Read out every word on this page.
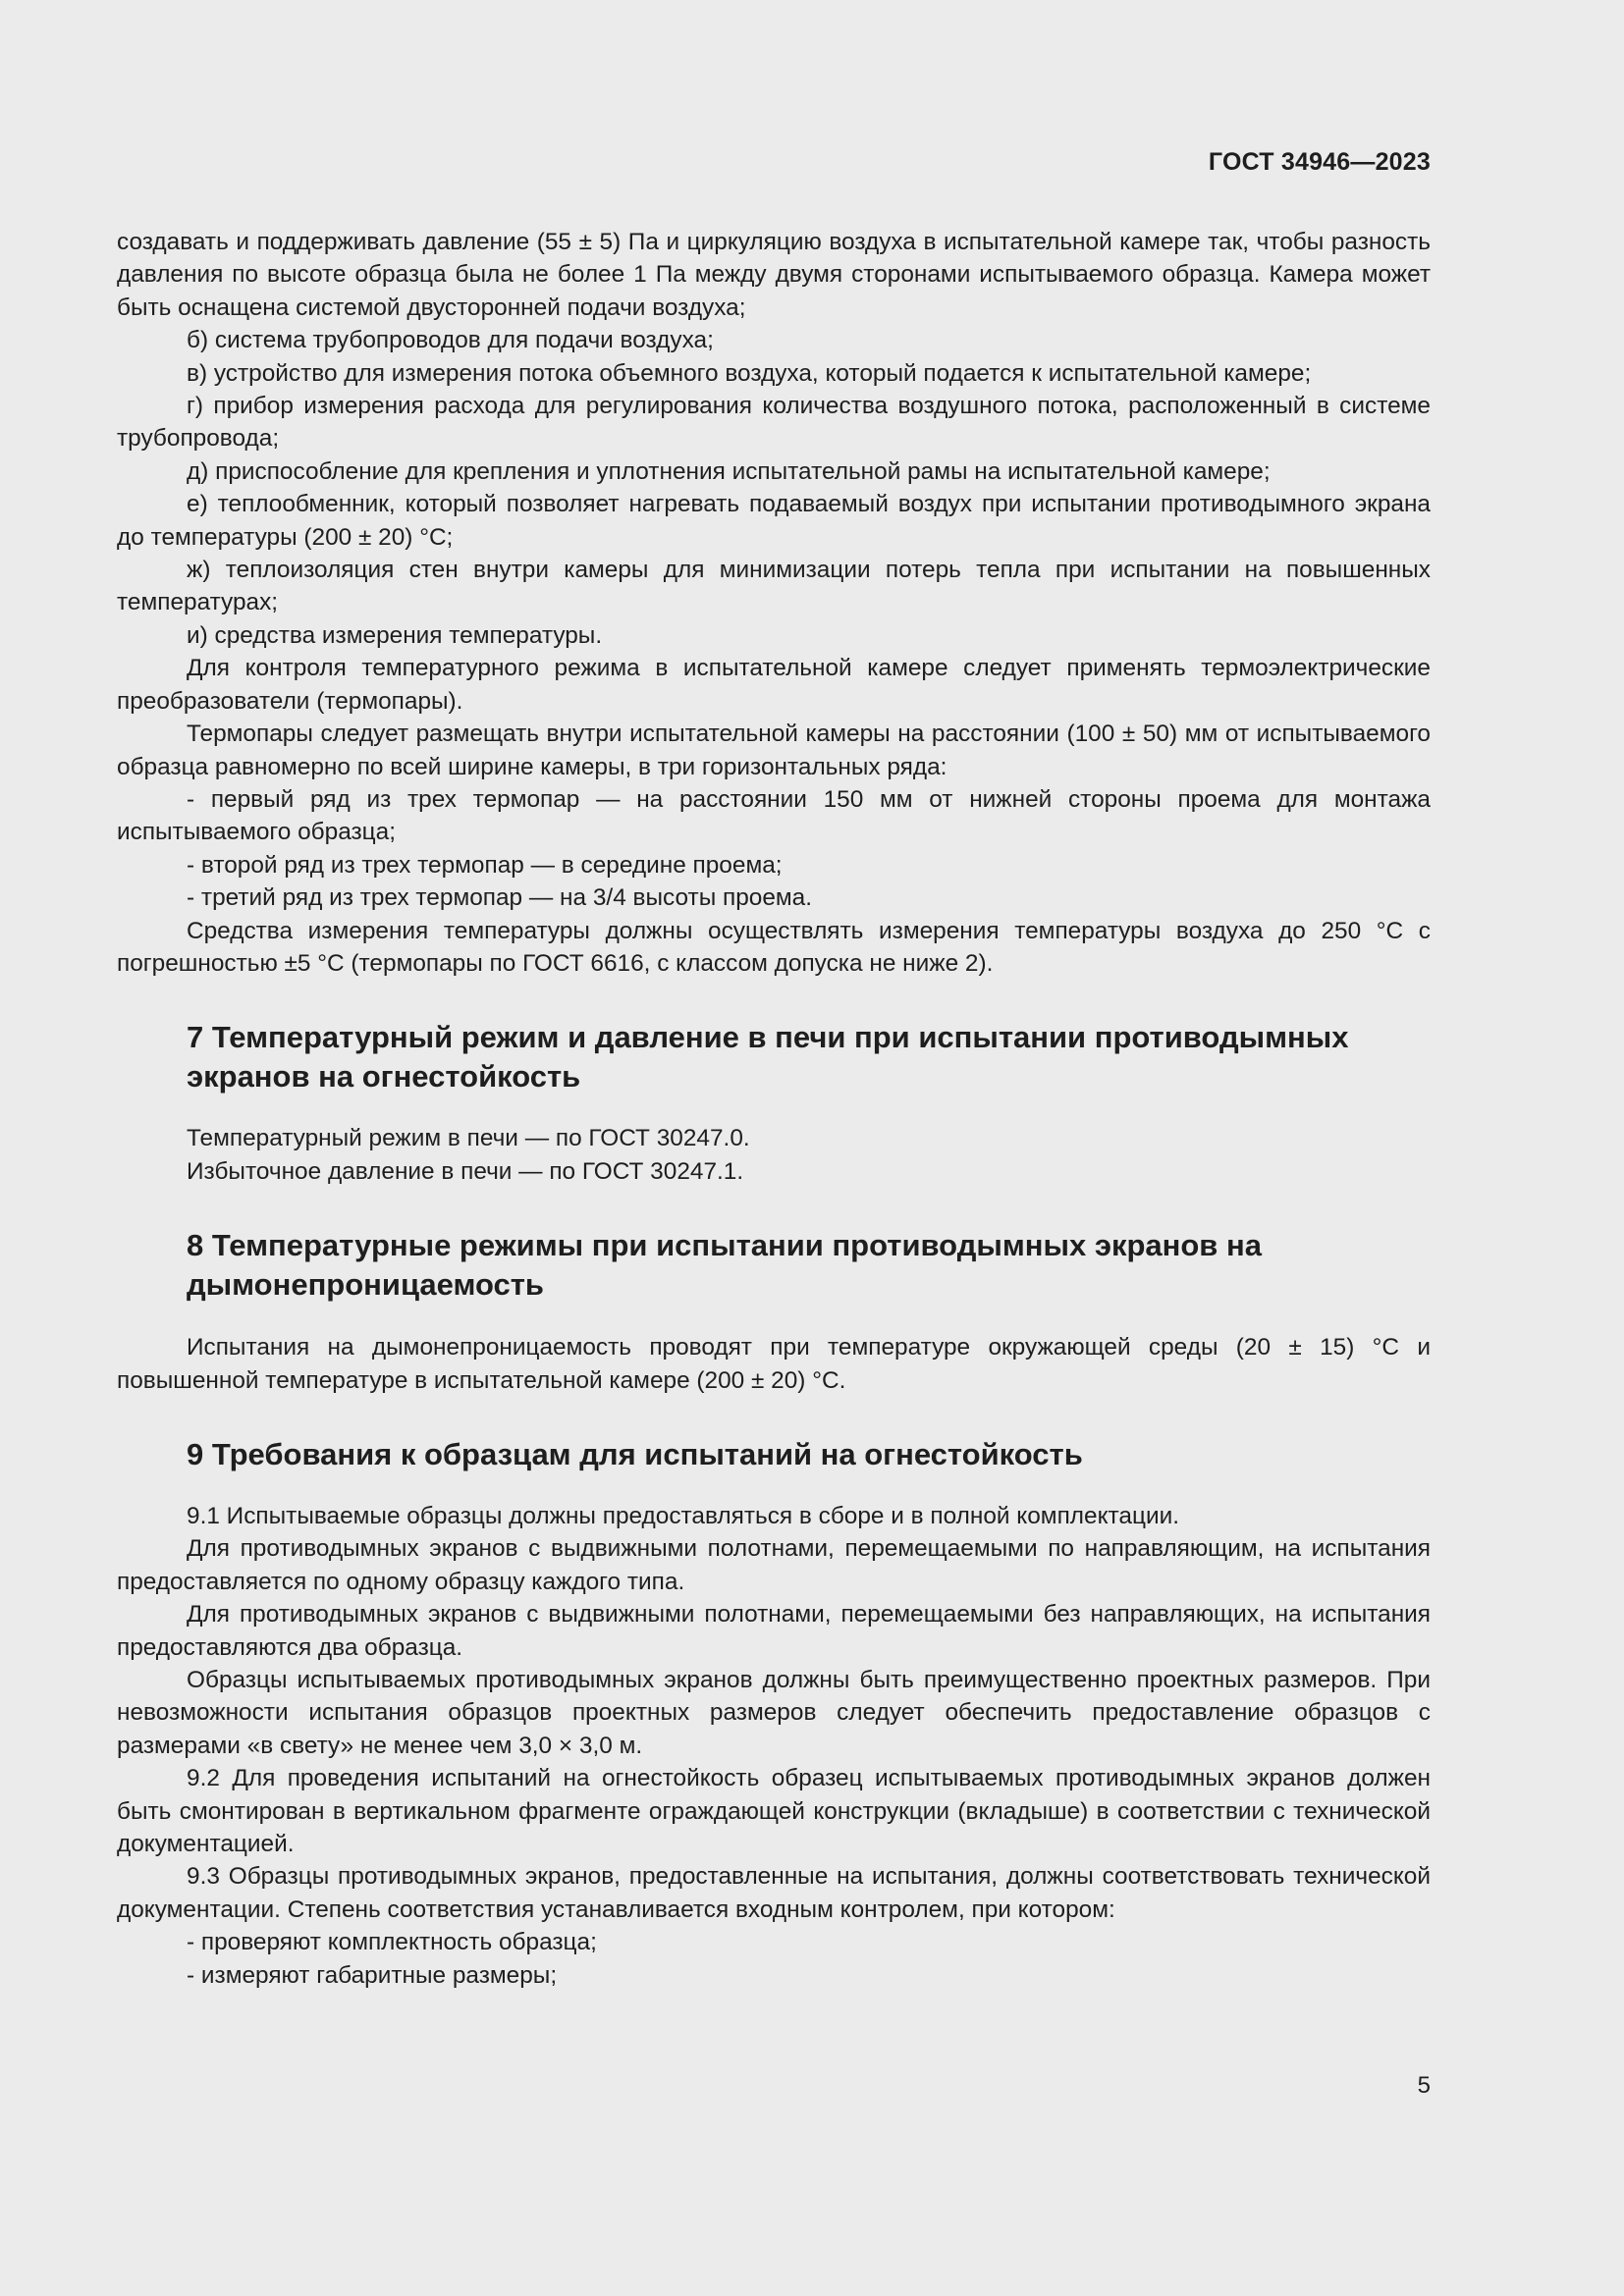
ГОСТ 34946—2023

создавать и поддерживать давление (55 ± 5) Па и циркуляцию воздуха в испытательной камере так, чтобы разность давления по высоте образца была не более 1 Па между двумя сторонами испытываемого образца. Камера может быть оснащена системой двусторонней подачи воздуха;

б) система трубопроводов для подачи воздуха;

в) устройство для измерения потока объемного воздуха, который подается к испытательной камере;

г) прибор измерения расхода для регулирования количества воздушного потока, расположенный в системе трубопровода;

д) приспособление для крепления и уплотнения испытательной рамы на испытательной камере;

е) теплообменник, который позволяет нагревать подаваемый воздух при испытании противодымного экрана до температуры (200 ± 20) °С;

ж) теплоизоляция стен внутри камеры для минимизации потерь тепла при испытании на повышенных температурах;

и) средства измерения температуры.

Для контроля температурного режима в испытательной камере следует применять термоэлектрические преобразователи (термопары).

Термопары следует размещать внутри испытательной камеры на расстоянии (100 ± 50) мм от испытываемого образца равномерно по всей ширине камеры, в три горизонтальных ряда:

- первый ряд из трех термопар — на расстоянии 150 мм от нижней стороны проема для монтажа испытываемого образца;

- второй ряд из трех термопар — в середине проема;

- третий ряд из трех термопар — на 3/4 высоты проема.

Средства измерения температуры должны осуществлять измерения температуры воздуха до 250 °С с погрешностью ±5 °С (термопары по ГОСТ 6616, с классом допуска не ниже 2).

7 Температурный режим и давление в печи при испытании противодымных экранов на огнестойкость

Температурный режим в печи — по ГОСТ 30247.0.

Избыточное давление в печи — по ГОСТ 30247.1.

8 Температурные режимы при испытании противодымных экранов на дымонепроницаемость

Испытания на дымонепроницаемость проводят при температуре окружающей среды (20 ± 15) °С и повышенной температуре в испытательной камере (200 ± 20) °С.

9 Требования к образцам для испытаний на огнестойкость

9.1 Испытываемые образцы должны предоставляться в сборе и в полной комплектации.

Для противодымных экранов с выдвижными полотнами, перемещаемыми по направляющим, на испытания предоставляется по одному образцу каждого типа.

Для противодымных экранов с выдвижными полотнами, перемещаемыми без направляющих, на испытания предоставляются два образца.

Образцы испытываемых противодымных экранов должны быть преимущественно проектных размеров. При невозможности испытания образцов проектных размеров следует обеспечить предоставление образцов с размерами «в свету» не менее чем 3,0 × 3,0 м.

9.2 Для проведения испытаний на огнестойкость образец испытываемых противодымных экранов должен быть смонтирован в вертикальном фрагменте ограждающей конструкции (вкладыше) в соответствии с технической документацией.

9.3 Образцы противодымных экранов, предоставленные на испытания, должны соответствовать технической документации. Степень соответствия устанавливается входным контролем, при котором:

- проверяют комплектность образца;

- измеряют габаритные размеры;

5
